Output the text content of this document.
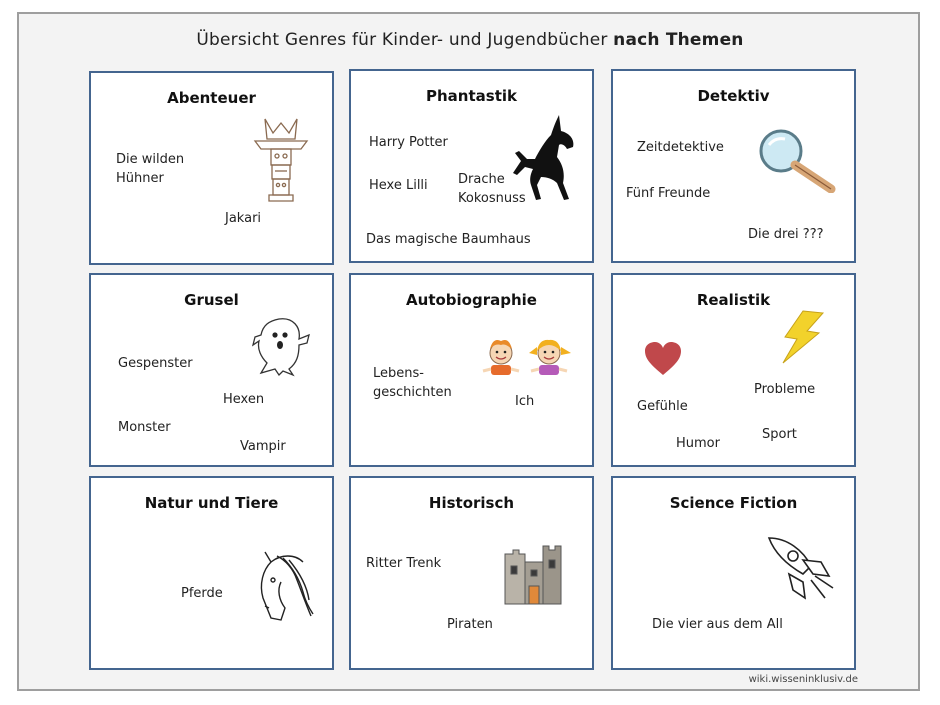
Übersicht Genres für Kinder- und Jugendbücher nach Themen
Abenteuer
Die wilden
Hühner
Jakari
Phantastik
Harry Potter
Hexe Lilli Drache
Kokosnuss
Das magische Baumhaus
Detektiv
Zeitdetektive
Fünf Freunde
Die drei ???
Grusel
Gespenster
Hexen
Monster
Vampir
Autobiographie
Lebens-
geschichten
Ich
Realistik
Gefühle
Probleme
Humor
Sport
Natur und Tiere
Pferde
Historisch
Ritter Trenk
Piraten
Science Fiction
Die vier aus dem All
wiki.wisseninklusiv.de
